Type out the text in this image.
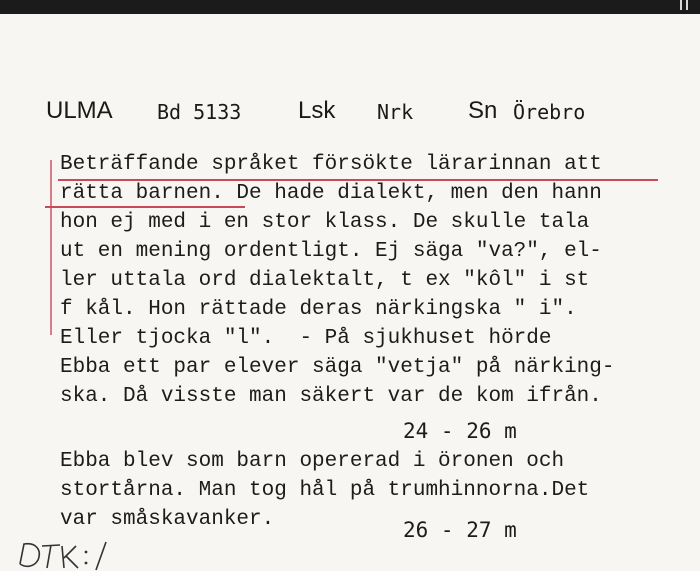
ULMA Bd 5133 Lsk Nrk Sn Örebro
Beträffande språket försökte lärarinnan att
rätta barnen. De hade dialekt, men den hann
hon ej med i en stor klass. De skulle tala
ut en mening ordentligt. Ej säga "va?", el-
ler uttala ord dialektalt, t ex "kôl" i st
f kål. Hon rättade deras närkingska " i".
Eller tjocka "l".  - På sjukhuset hörde
Ebba ett par elever säga "vetja" på närking-
ska. Då visste man säkert var de kom ifrån.
24 - 26 m
Ebba blev som barn opererad i öronen och
stortårna. Man tog hål på trumhinnorna.Det
var småskavanker.	26 - 27 m
